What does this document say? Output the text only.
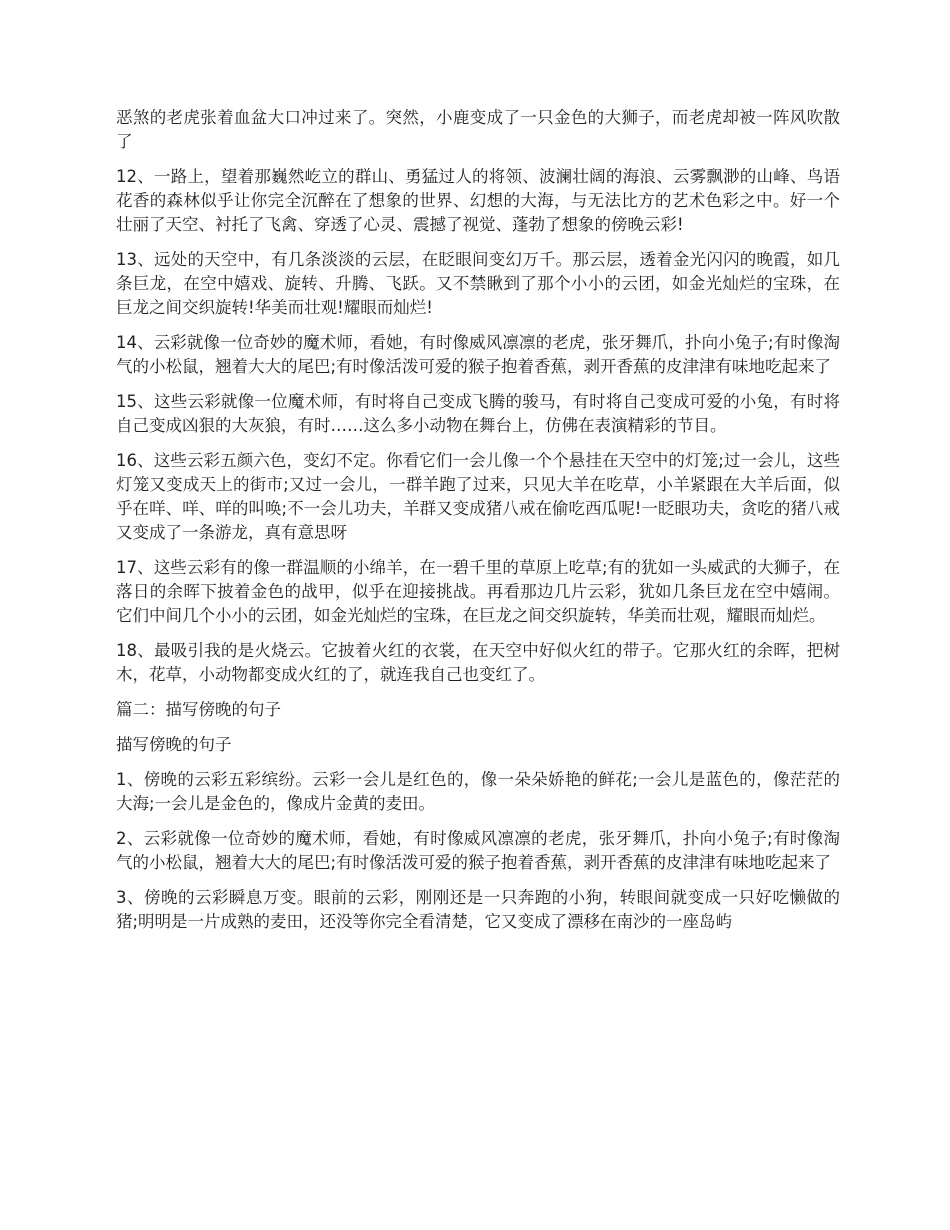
恶煞的老虎张着血盆大口冲过来了。突然，小鹿变成了一只金色的大狮子，而老虎却被一阵风吹散了

12、一路上，望着那巍然屹立的群山、勇猛过人的将领、波澜壮阔的海浪、云雾飘渺的山峰、鸟语花香的森林似乎让你完全沉醉在了想象的世界、幻想的大海，与无法比方的艺术色彩之中。好一个壮丽了天空、衬托了飞禽、穿透了心灵、震撼了视觉、蓬勃了想象的傍晚云彩!

13、远处的天空中，有几条淡淡的云层，在眨眼间变幻万千。那云层，透着金光闪闪的晚霞，如几条巨龙，在空中嬉戏、旋转、升腾、飞跃。又不禁瞅到了那个小小的云团，如金光灿烂的宝珠，在巨龙之间交织旋转!华美而壮观!耀眼而灿烂!

14、云彩就像一位奇妙的魔术师，看她，有时像威风凛凛的老虎，张牙舞爪，扑向小兔子;有时像淘气的小松鼠，翘着大大的尾巴;有时像活泼可爱的猴子抱着香蕉，剥开香蕉的皮津津有味地吃起来了

15、这些云彩就像一位魔术师，有时将自己变成飞腾的骏马，有时将自己变成可爱的小兔，有时将自己变成凶狠的大灰狼，有时……这么多小动物在舞台上，仿佛在表演精彩的节目。

16、这些云彩五颜六色，变幻不定。你看它们一会儿像一个个悬挂在天空中的灯笼;过一会儿，这些灯笼又变成天上的街市;又过一会儿，一群羊跑了过来，只见大羊在吃草，小羊紧跟在大羊后面，似乎在咩、咩、咩的叫唤;不一会儿功夫，羊群又变成猪八戒在偷吃西瓜呢!一眨眼功夫，贪吃的猪八戒又变成了一条游龙，真有意思呀

17、这些云彩有的像一群温顺的小绵羊，在一碧千里的草原上吃草;有的犹如一头威武的大狮子，在落日的余晖下披着金色的战甲，似乎在迎接挑战。再看那边几片云彩，犹如几条巨龙在空中嬉闹。它们中间几个小小的云团，如金光灿烂的宝珠，在巨龙之间交织旋转，华美而壮观，耀眼而灿烂。

18、最吸引我的是火烧云。它披着火红的衣裳，在天空中好似火红的带子。它那火红的余晖，把树木，花草，小动物都变成火红的了，就连我自己也变红了。

篇二：描写傍晚的句子

描写傍晚的句子

1、傍晚的云彩五彩缤纷。云彩一会儿是红色的，像一朵朵娇艳的鲜花;一会儿是蓝色的，像茫茫的大海;一会儿是金色的，像成片金黄的麦田。

2、云彩就像一位奇妙的魔术师，看她，有时像威风凛凛的老虎，张牙舞爪，扑向小兔子;有时像淘气的小松鼠，翘着大大的尾巴;有时像活泼可爱的猴子抱着香蕉，剥开香蕉的皮津津有味地吃起来了

3、傍晚的云彩瞬息万变。眼前的云彩，刚刚还是一只奔跑的小狗，转眼间就变成一只好吃懒做的猪;明明是一片成熟的麦田，还没等你完全看清楚，它又变成了漂移在南沙的一座岛屿
